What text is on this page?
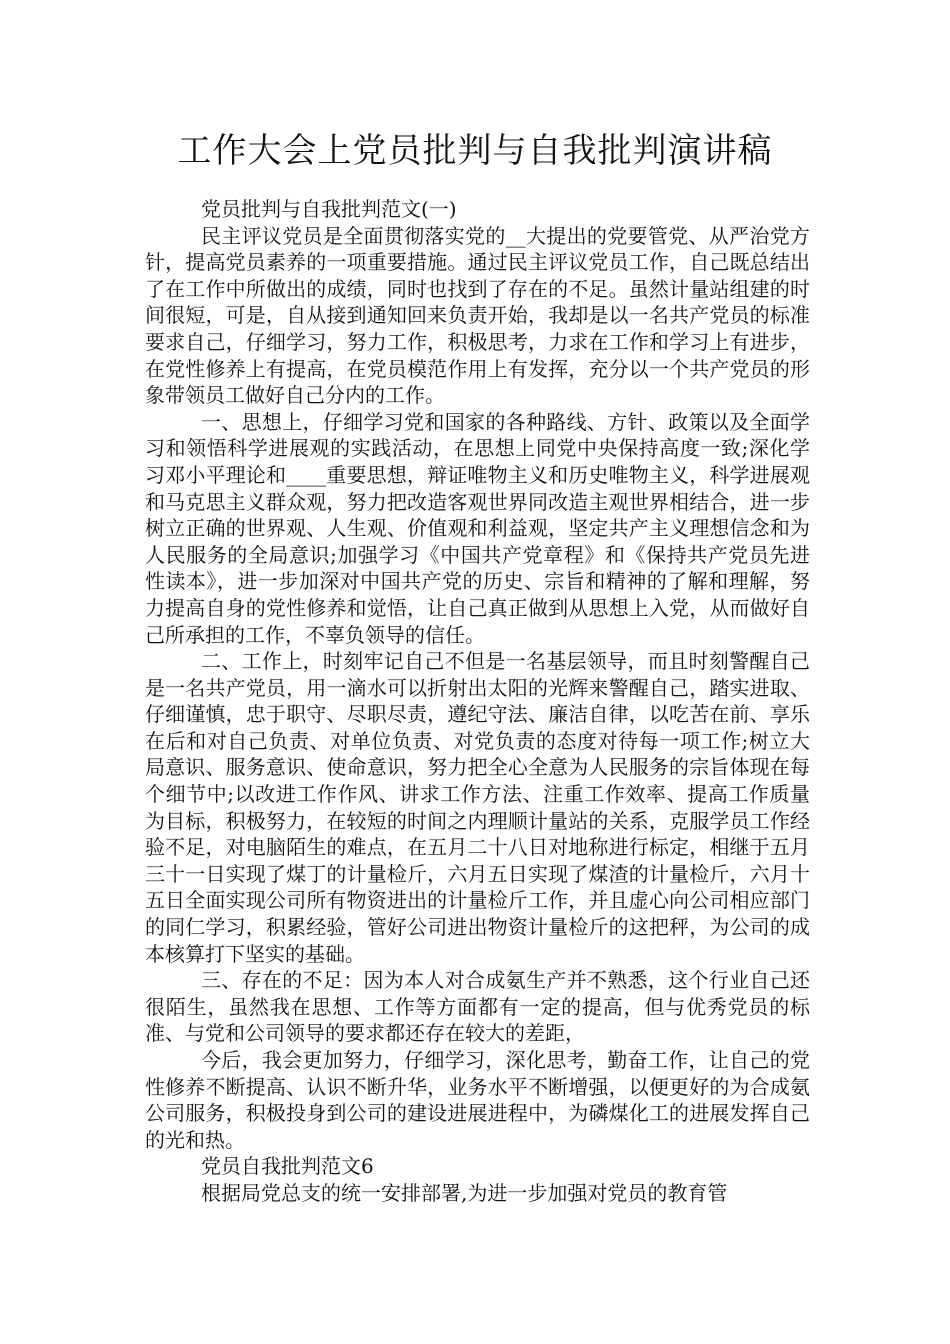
工作大会上党员批判与自我批判演讲稿

党员批判与自我批判范文(一)

民主评议党员是全面贯彻落实党的__大提出的党要管党、从严治党方针，提高党员素养的一项重要措施。通过民主评议党员工作，自己既总结出了在工作中所做出的成绩，同时也找到了存在的不足。虽然计量站组建的时间很短，可是，自从接到通知回来负责开始，我却是以一名共产党员的标准要求自己，仔细学习，努力工作，积极思考，力求在工作和学习上有进步，在党性修养上有提高，在党员模范作用上有发挥，充分以一个共产党员的形象带领员工做好自己分内的工作。

一、思想上，仔细学习党和国家的各种路线、方针、政策以及全面学习和领悟科学进展观的实践活动，在思想上同党中央保持高度一致;深化学习邓小平理论和____重要思想，辩证唯物主义和历史唯物主义，科学进展观和马克思主义群众观，努力把改造客观世界同改造主观世界相结合，进一步树立正确的世界观、人生观、价值观和利益观，坚定共产主义理想信念和为人民服务的全局意识;加强学习《中国共产党章程》和《保持共产党员先进性读本》，进一步加深对中国共产党的历史、宗旨和精神的了解和理解，努力提高自身的党性修养和觉悟，让自己真正做到从思想上入党，从而做好自己所承担的工作，不辜负领导的信任。

二、工作上，时刻牢记自己不但是一名基层领导，而且时刻警醒自己是一名共产党员，用一滴水可以折射出太阳的光辉来警醒自己，踏实进取、仔细谨慎，忠于职守、尽职尽责，遵纪守法、廉洁自律，以吃苦在前、享乐在后和对自己负责、对单位负责、对党负责的态度对待每一项工作;树立大局意识、服务意识、使命意识，努力把全心全意为人民服务的宗旨体现在每个细节中;以改进工作作风、讲求工作方法、注重工作效率、提高工作质量为目标，积极努力，在较短的时间之内理顺计量站的关系，克服学员工作经验不足，对电脑陌生的难点，在五月二十八日对地称进行标定，相继于五月三十一日实现了煤丁的计量检斤，六月五日实现了煤渣的计量检斤，六月十五日全面实现公司所有物资进出的计量检斤工作，并且虚心向公司相应部门的同仁学习，积累经验，管好公司进出物资计量检斤的这把秤，为公司的成本核算打下坚实的基础。

三、存在的不足：因为本人对合成氨生产并不熟悉，这个行业自己还很陌生，虽然我在思想、工作等方面都有一定的提高，但与优秀党员的标准、与党和公司领导的要求都还存在较大的差距，

今后，我会更加努力，仔细学习，深化思考，勤奋工作，让自己的党性修养不断提高、认识不断升华，业务水平不断增强，以便更好的为合成氨公司服务，积极投身到公司的建设进展进程中，为磷煤化工的进展发挥自己的光和热。

党员自我批判范文6

根据局党总支的统一安排部署,为进一步加强对党员的教育管
